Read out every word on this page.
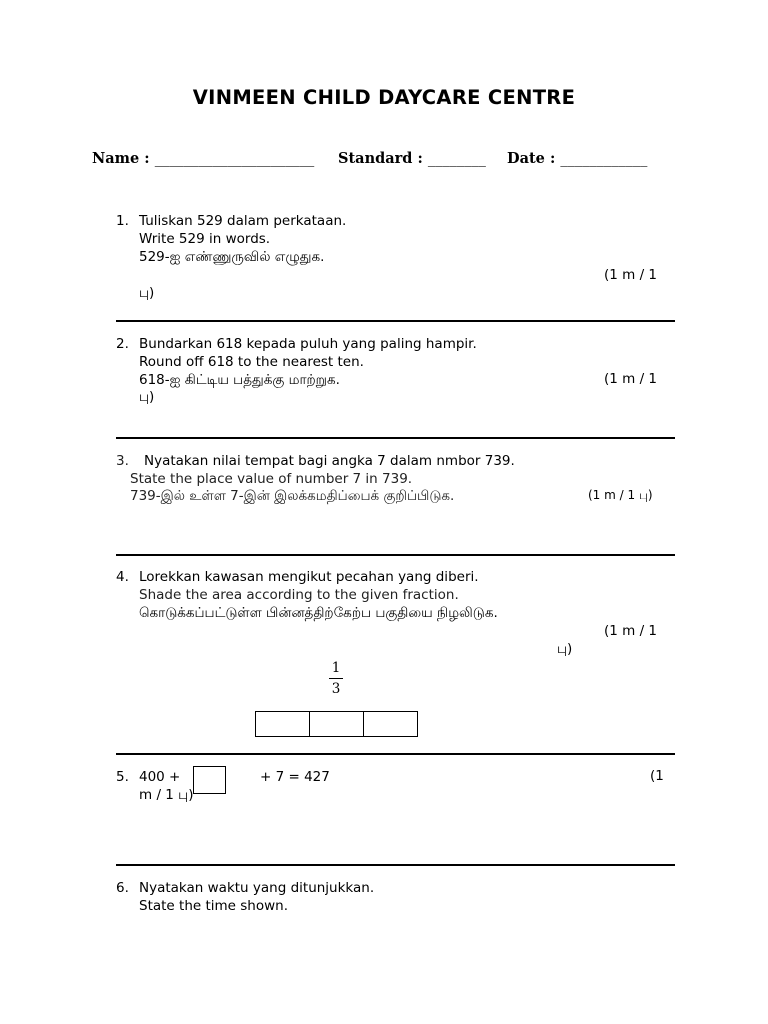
VINMEEN CHILD DAYCARE CENTRE
Name : ______________________ Standard : ________ Date : ____________
1. Tuliskan 529 dalam perkataan.
Write 529 in words.
529-ஐ எண்ணுருவில் எழுதுக.
(1 m / 1
பு)
2. Bundarkan 618 kepada puluh yang paling hampir.
Round off 618 to the nearest ten.
618-ஐ கிட்டிய பத்துக்கு மாற்றுக.	(1 m / 1
பு)
3. Nyatakan nilai tempat bagi angka 7 dalam nmbor 739.
State the place value of number 7 in 739.
739-இல் உள்ள 7-இன் இலக்கமதிப்பைக் குறிப்பிடுக.	(1 m / 1 பு)
4. Lorekkan kawasan mengikut pecahan yang diberi.
Shade the area according to the given fraction.
கொடுக்கப்பட்டுள்ள பின்னத்திற்கேற்ப பகுதியை நிழலிடுக.
(1 m / 1
பு)
1
3
5. 400 +
m / 1 பு)
+ 7 = 427	(1
6. Nyatakan waktu yang ditunjukkan.
State the time shown.
